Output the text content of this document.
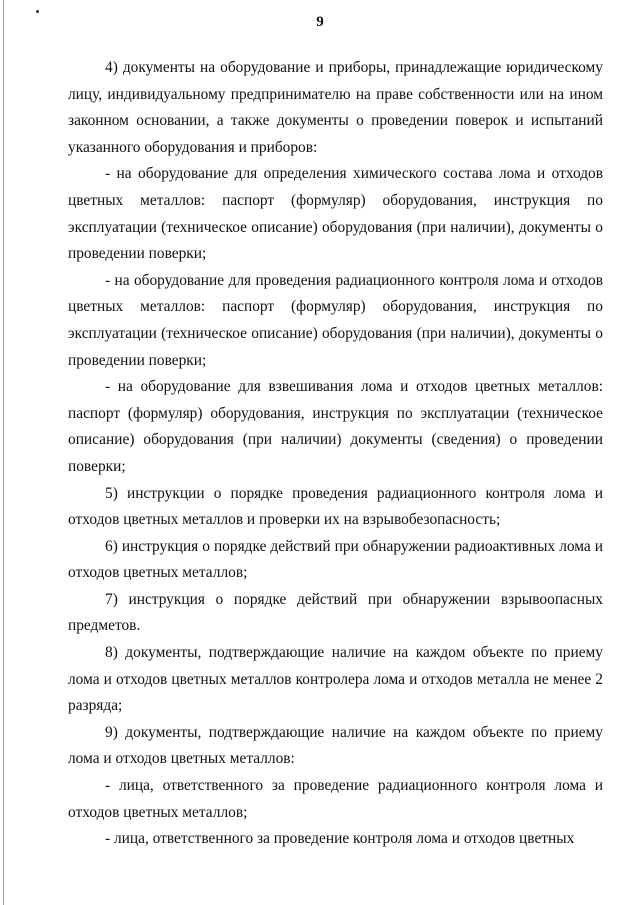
9

4) документы на оборудование и приборы, принадлежащие юридическому лицу, индивидуальному предпринимателю на праве собственности или на ином законном основании, а также документы о проведении поверок и испытаний указанного оборудования и приборов:

- на оборудование для определения химического состава лома и отходов цветных металлов: паспорт (формуляр) оборудования, инструкция по эксплуатации (техническое описание) оборудования (при наличии), документы о проведении поверки;

- на оборудование для проведения радиационного контроля лома и отходов цветных металлов: паспорт (формуляр) оборудования, инструкция по эксплуатации (техническое описание) оборудования (при наличии), документы о проведении поверки;

- на оборудование для взвешивания лома и отходов цветных металлов: паспорт (формуляр) оборудования, инструкция по эксплуатации (техническое описание) оборудования (при наличии) документы (сведения) о проведении поверки;

5) инструкции о порядке проведения радиационного контроля лома и отходов цветных металлов и проверки их на взрывобезопасность;

6) инструкция о порядке действий при обнаружении радиоактивных лома и отходов цветных металлов;

7) инструкция о порядке действий при обнаружении взрывоопасных предметов.

8) документы, подтверждающие наличие на каждом объекте по приему лома и отходов цветных металлов контролера лома и отходов металла не менее 2 разряда;

9) документы, подтверждающие наличие на каждом объекте по приему лома и отходов цветных металлов:

- лица, ответственного за проведение радиационного контроля лома и отходов цветных металлов;

- лица, ответственного за проведение контроля лома и отходов цветных
